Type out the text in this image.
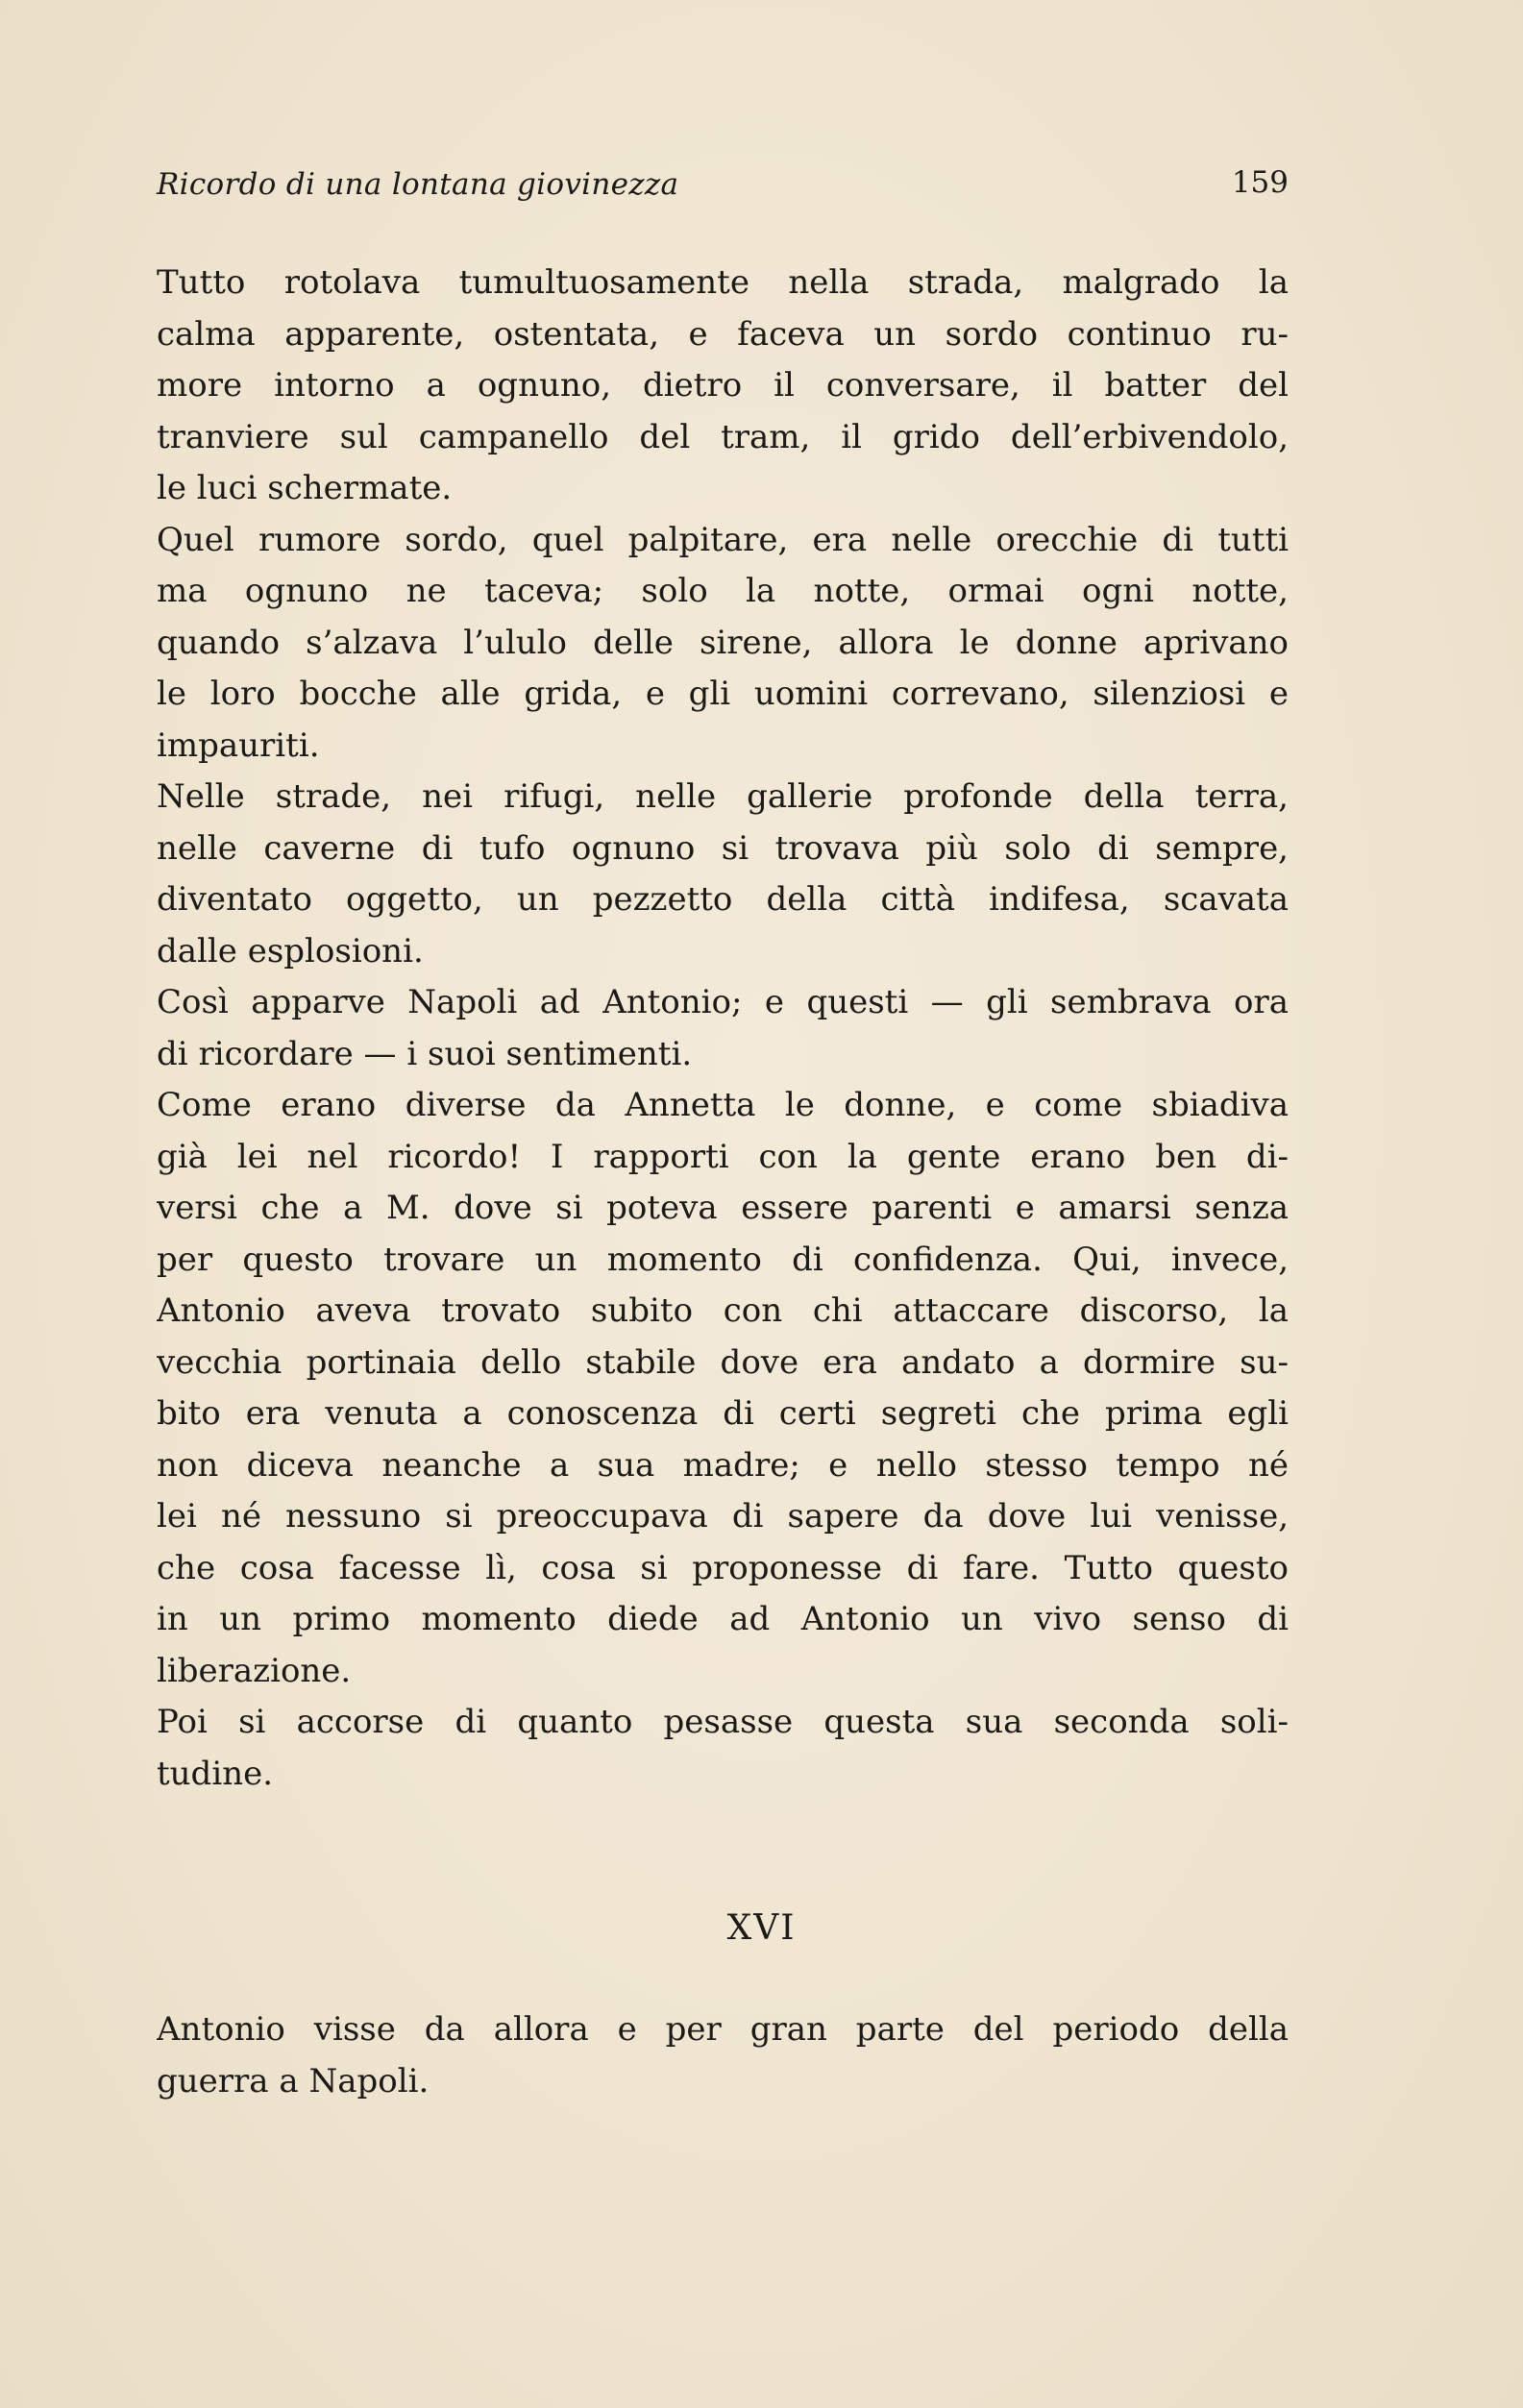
Ricordo di una lontana giovinezza	159
Tutto rotolava tumultuosamente nella strada, malgrado la
calma apparente, ostentata, e faceva un sordo continuo ru-
more intorno a ognuno, dietro il conversare, il batter del
tranviere sul campanello del tram, il grido dell’erbivendolo,
le luci schermate.
Quel rumore sordo, quel palpitare, era nelle orecchie di tutti
ma ognuno ne taceva; solo la notte, ormai ogni notte,
quando s’alzava l’ululo delle sirene, allora le donne aprivano
le loro bocche alle grida, e gli uomini correvano, silenziosi e
impauriti.
Nelle strade, nei rifugi, nelle gallerie profonde della terra,
nelle caverne di tufo ognuno si trovava più solo di sempre,
diventato oggetto, un pezzetto della città indifesa, scavata
dalle esplosioni.
Così apparve Napoli ad Antonio; e questi — gli sembrava ora
di ricordare — i suoi sentimenti.
Come erano diverse da Annetta le donne, e come sbiadiva
già lei nel ricordo! I rapporti con la gente erano ben di-
versi che a M. dove si poteva essere parenti e amarsi senza
per questo trovare un momento di confidenza. Qui, invece,
Antonio aveva trovato subito con chi attaccare discorso, la
vecchia portinaia dello stabile dove era andato a dormire su-
bito era venuta a conoscenza di certi segreti che prima egli
non diceva neanche a sua madre; e nello stesso tempo né
lei né nessuno si preoccupava di sapere da dove lui venisse,
che cosa facesse lì, cosa si proponesse di fare. Tutto questo
in un primo momento diede ad Antonio un vivo senso di
liberazione.
Poi si accorse di quanto pesasse questa sua seconda soli-
tudine.
XVI
Antonio visse da allora e per gran parte del periodo della
guerra a Napoli.
